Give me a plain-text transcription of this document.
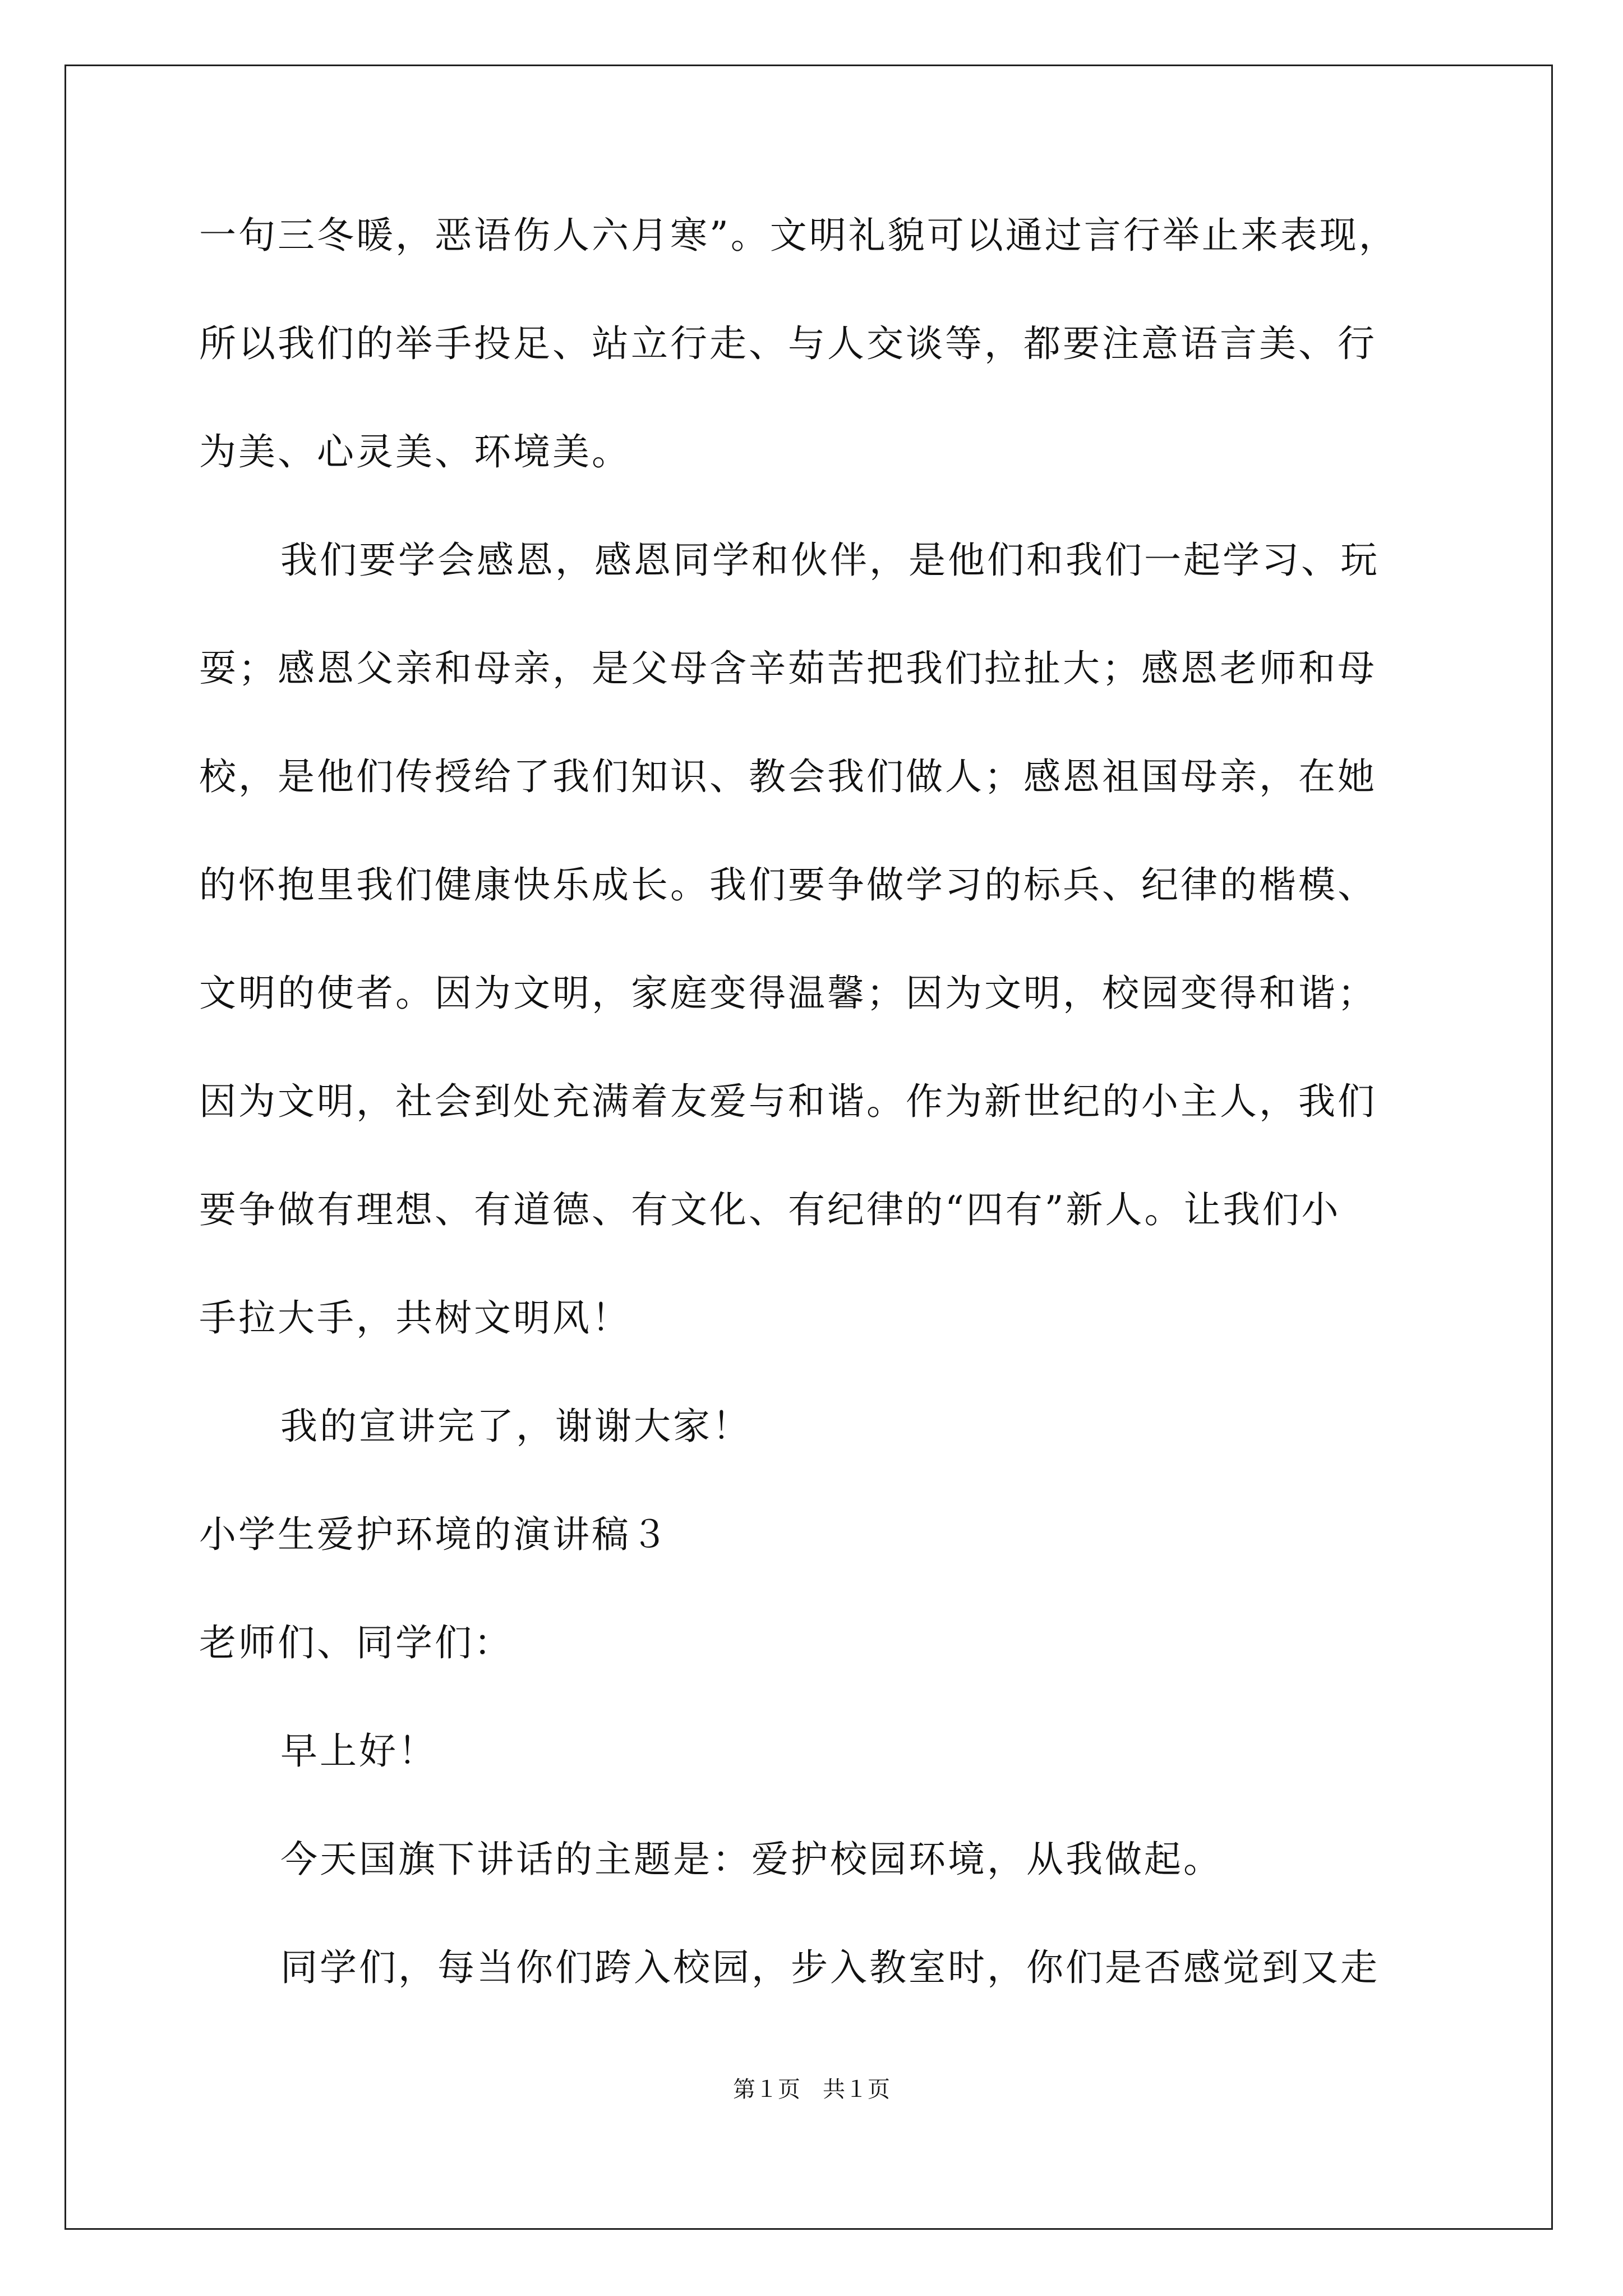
一句三冬暖，恶语伤人六月寒”。文明礼貌可以通过言行举止来表现，
所以我们的举手投足、站立行走、与人交谈等，都要注意语言美、行
为美、心灵美、环境美。
我们要学会感恩，感恩同学和伙伴，是他们和我们一起学习、玩
耍；感恩父亲和母亲，是父母含辛茹苦把我们拉扯大；感恩老师和母
校，是他们传授给了我们知识、教会我们做人；感恩祖国母亲，在她
的怀抱里我们健康快乐成长。我们要争做学习的标兵、纪律的楷模、
文明的使者。因为文明，家庭变得温馨；因为文明，校园变得和谐；
因为文明，社会到处充满着友爱与和谐。作为新世纪的小主人，我们
要争做有理想、有道德、有文化、有纪律的“四有”新人。让我们小
手拉大手，共树文明风！
我的宣讲完了，谢谢大家！
小学生爱护环境的演讲稿３
老师们、同学们：
早上好！
今天国旗下讲话的主题是：爱护校园环境，从我做起。
同学们，每当你们跨入校园，步入教室时，你们是否感觉到又走
第１页 共１页
